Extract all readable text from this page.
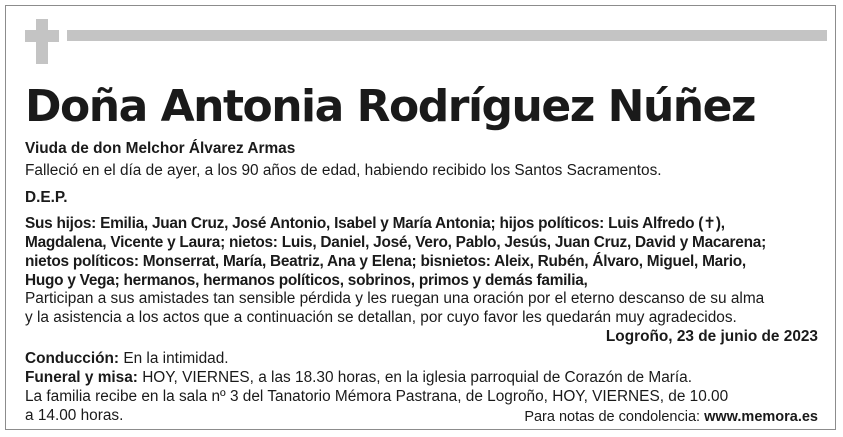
Doña Antonia Rodríguez Núñez

Viuda de don Melchor Álvarez Armas

Falleció en el día de ayer, a los 90 años de edad, habiendo recibido los Santos Sacramentos.

D.E.P.

Sus hijos: Emilia, Juan Cruz, José Antonio, Isabel y María Antonia; hijos políticos: Luis Alfredo (✝),
Magdalena, Vicente y Laura; nietos: Luis, Daniel, José, Vero, Pablo, Jesús, Juan Cruz, David y Macarena;
nietos políticos: Monserrat, María, Beatriz, Ana y Elena; bisnietos: Aleix, Rubén, Álvaro, Miguel, Mario,
Hugo y Vega; hermanos, hermanos políticos, sobrinos, primos y demás familia,
Participan a sus amistades tan sensible pérdida y les ruegan una oración por el eterno descanso de su alma
y la asistencia a los actos que a continuación se detallan, por cuyo favor les quedarán muy agradecidos.

Logroño, 23 de junio de 2023

Conducción: En la intimidad.

Funeral y misa: HOY, VIERNES, a las 18.30 horas, en la iglesia parroquial de Corazón de María.

La familia recibe en la sala nº 3 del Tanatorio Mémora Pastrana, de Logroño, HOY, VIERNES, de 10.00
a 14.00 horas.	Para notas de condolencia: www.memora.es
